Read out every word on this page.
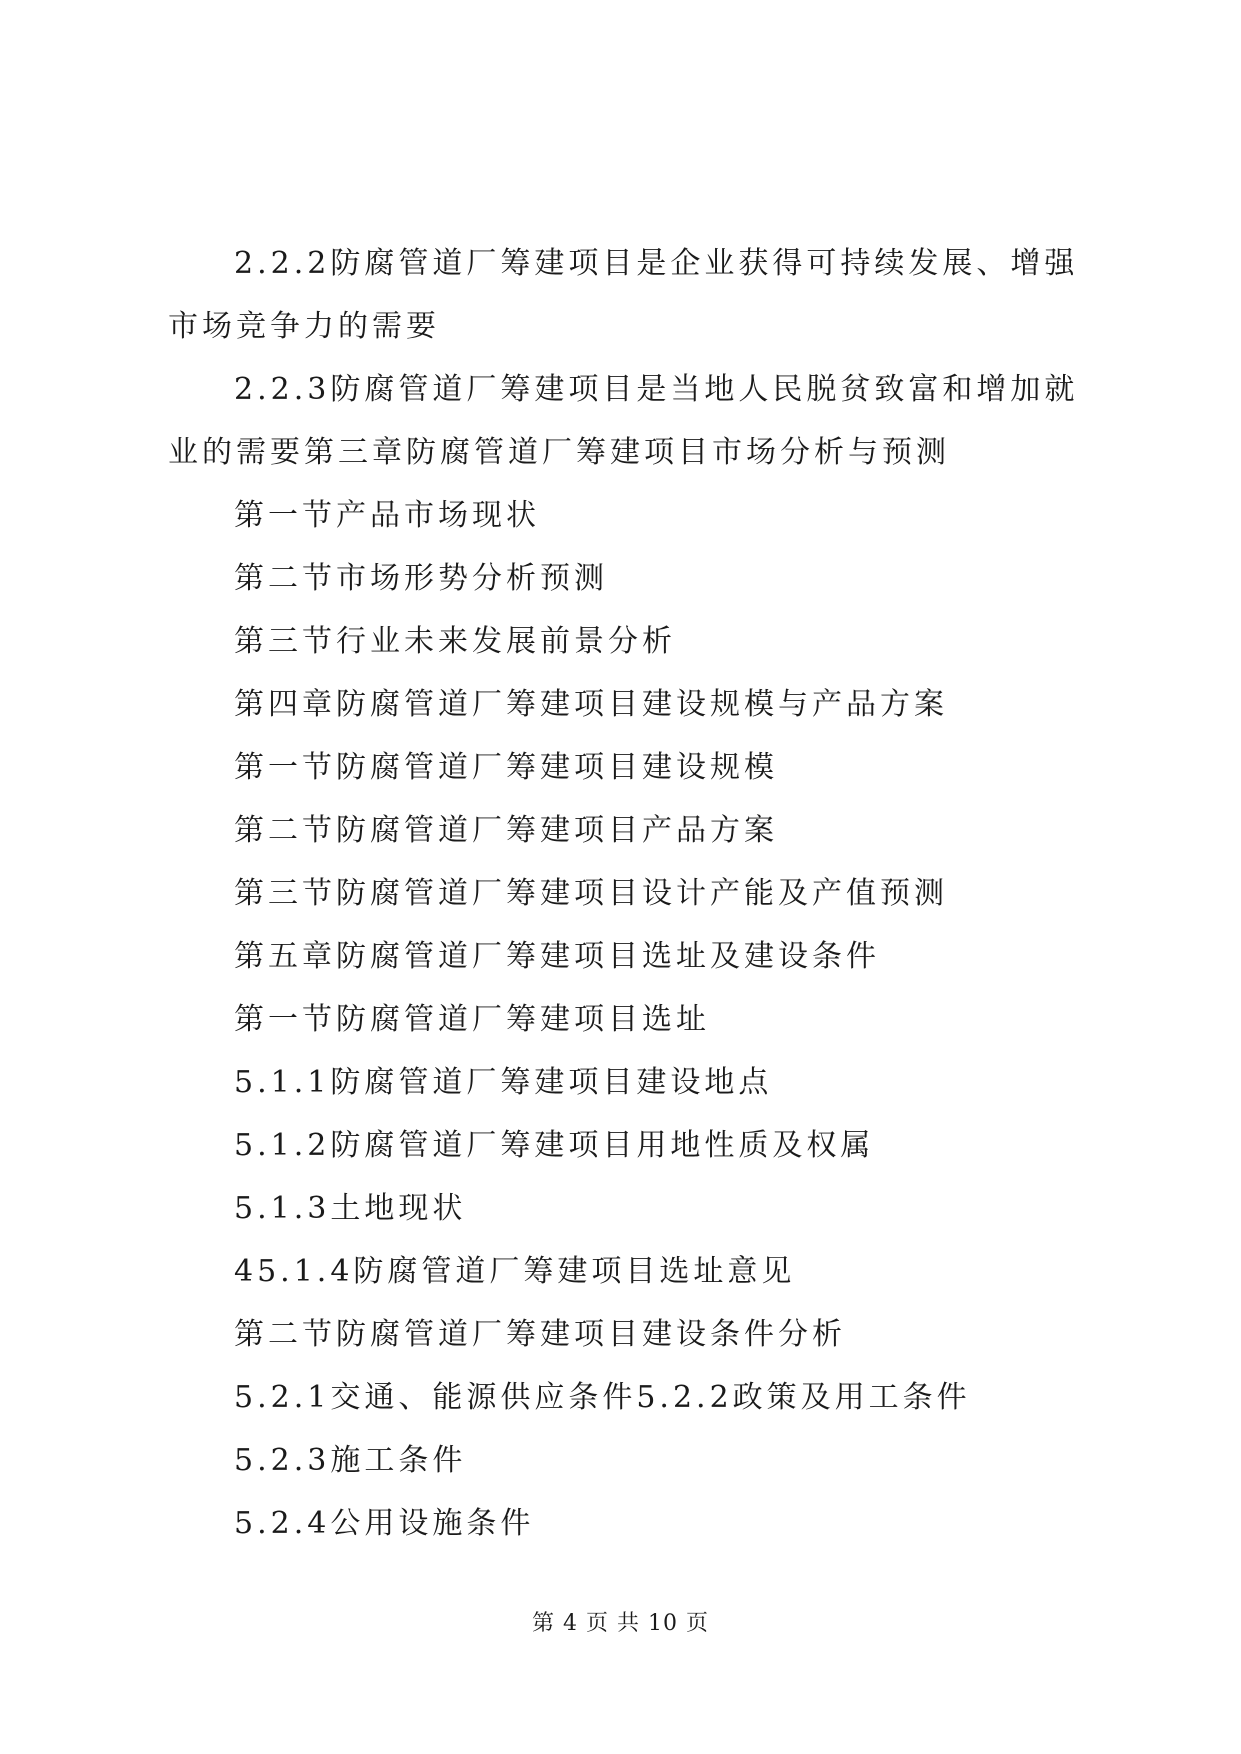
2.2.2防腐管道厂筹建项目是企业获得可持续发展、增强市场竞争力的需要

2.2.3防腐管道厂筹建项目是当地人民脱贫致富和增加就业的需要第三章防腐管道厂筹建项目市场分析与预测

第一节产品市场现状

第二节市场形势分析预测

第三节行业未来发展前景分析

第四章防腐管道厂筹建项目建设规模与产品方案

第一节防腐管道厂筹建项目建设规模

第二节防腐管道厂筹建项目产品方案

第三节防腐管道厂筹建项目设计产能及产值预测

第五章防腐管道厂筹建项目选址及建设条件

第一节防腐管道厂筹建项目选址

5.1.1防腐管道厂筹建项目建设地点

5.1.2防腐管道厂筹建项目用地性质及权属

5.1.3土地现状

45.1.4防腐管道厂筹建项目选址意见

第二节防腐管道厂筹建项目建设条件分析

5.2.1交通、能源供应条件5.2.2政策及用工条件

5.2.3施工条件

5.2.4公用设施条件

第 4 页 共 10 页
